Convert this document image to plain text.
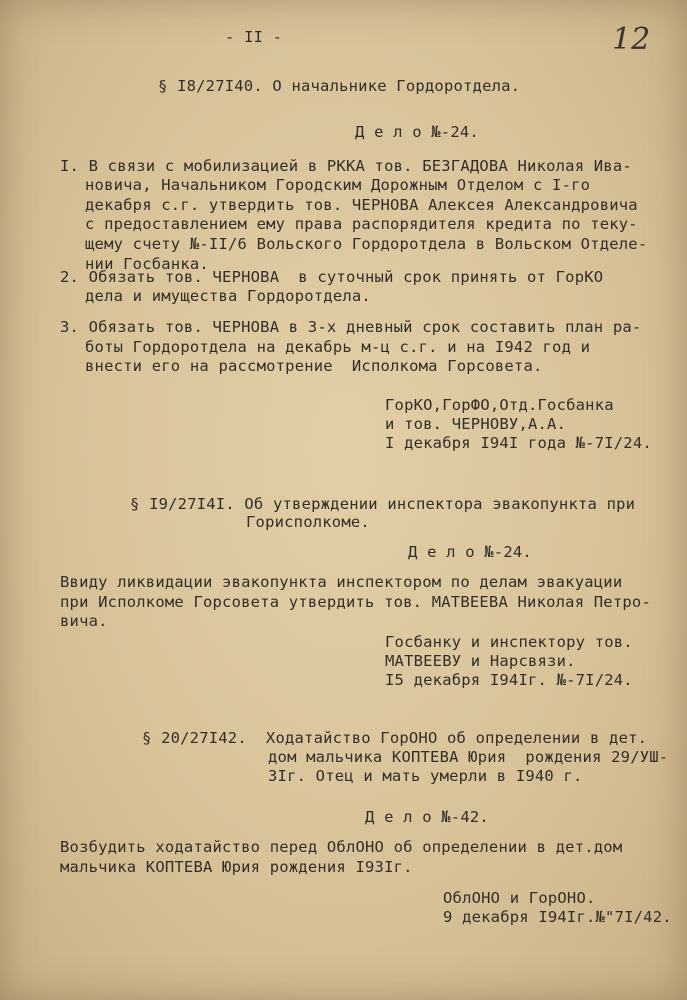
- II -	12
§ I8/27I40. О начальнике Гордоротдела.
Д е л о №-24.
I. В связи с мобилизацией в РККА тов. БЕЗГАДОВА Николая Ива-
новича, Начальником Городским Дорожным Отделом с I-го
декабря с.г. утвердить тов. ЧЕРНОВА Алексея Александровича
с предоставлением ему права распорядителя кредита по теку-
щему счету №-II/6 Вольского Гордоротдела в Вольском Отделе-
нии Госбанка.
2. Обязать тов. ЧЕРНОВА  в суточный срок принять от ГорКО
дела и имущества Гордоротдела.
3. Обязать тов. ЧЕРНОВА в 3-х дневный срок составить план ра-
боты Гордоротдела на декабрь м-ц с.г. и на I942 год и
внести его на рассмотрение  Исполкома Горсовета.
ГорКО,ГорФО,Отд.Госбанка
и тов. ЧЕРНОВУ,А.А.
I декабря I94I года №-7I/24.
§ I9/27I4I. Об утверждении инспектора эвакопункта при
Горисполкоме.
Д е л о №-24.
Ввиду ликвидации эвакопункта инспектором по делам эвакуации
при Исполкоме Горсовета утвердить тов. МАТВЕЕВА Николая Петро-
вича.
Госбанку и инспектору тов.
МАТВЕЕВУ и Нарсвязи.
I5 декабря I94Iг. №-7I/24.
§ 20/27I42.  Ходатайство ГорОНО об определении в дет.
дом мальчика КОПТЕВА Юрия  рождения 29/УШ-
3Iг. Отец и мать умерли в I940 г.
Д е л о №-42.
Возбудить ходатайство перед ОблОНО об определении в дет.дом
мальчика КОПТЕВА Юрия рождения I93Iг.
ОблОНО и ГорОНО.
9 декабря I94Iг.№"7I/42.
